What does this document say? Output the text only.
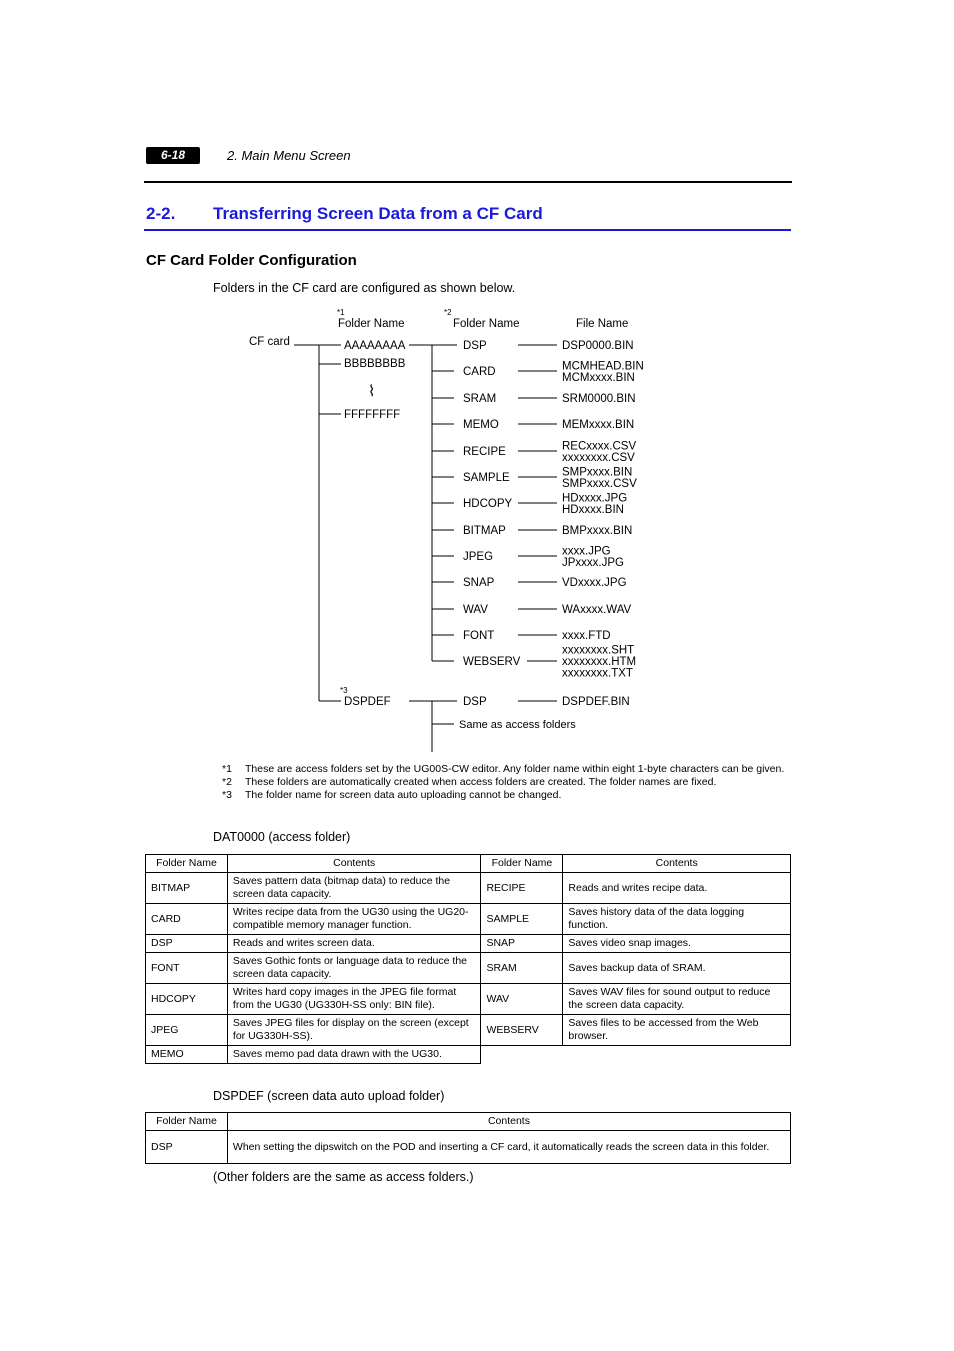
6-18	2. Main Menu Screen
2-2. Transferring Screen Data from a CF Card
CF Card Folder Configuration
Folders in the CF card are configured as shown below.
*1
Folder Name
*2
Folder Name	File Name
CF card	AAAAAAAA
BBBBBBBB
⌇
FFFFFFFF
DSP	DSP0000.BIN
CARD	MCMHEAD.BIN
MCMxxxx.BIN
SRAM	SRM0000.BIN
MEMO	MEMxxxx.BIN
RECIPE	RECxxxx.CSV
xxxxxxxx.CSV
SAMPLE	SMPxxxx.BIN
SMPxxxx.CSV
HDCOPY	HDxxxx.JPG
HDxxxx.BIN
BITMAP	BMPxxxx.BIN
JPEG	xxxx.JPG
JPxxxx.JPG
SNAP	VDxxxx.JPG
WAV	WAxxxx.WAV
FONT	xxxx.FTD
WEBSERV
xxxxxxxx.SHT
xxxxxxxx.HTM
xxxxxxxx.TXT
*3
DSPDEF	DSP	DSPDEF.BIN
Same as access folders
*1 These are access folders set by the UG00S-CW editor. Any folder name within eight 1-byte characters can be given.
*2 These folders are automatically created when access folders are created. The folder names are fixed.
*3 The folder name for screen data auto uploading cannot be changed.
DAT0000 (access folder)
Folder Name	Contents	Folder Name	Contents
BITMAP	Saves pattern data (bitmap data) to reduce the screen data capacity.	RECIPE	Reads and writes recipe data.
CARD	Writes recipe data from the UG30 using the UG20-compatible memory manager function.	SAMPLE	Saves history data of the data logging function.
DSP	Reads and writes screen data.	SNAP	Saves video snap images.
FONT	Saves Gothic fonts or language data to reduce the screen data capacity.	SRAM	Saves backup data of SRAM.
HDCOPY	Writes hard copy images in the JPEG file format from the UG30 (UG330H-SS only: BIN file).	WAV	Saves WAV files for sound output to reduce the screen data capacity.
JPEG	Saves JPEG files for display on the screen (except for UG330H-SS).	WEBSERV	Saves files to be accessed from the Web browser.
MEMO	Saves memo pad data drawn with the UG30.		
DSPDEF (screen data auto upload folder)
Folder Name	Contents
DSP	When setting the dipswitch on the POD and inserting a CF card, it automatically reads the screen data in this folder.
(Other folders are the same as access folders.)
